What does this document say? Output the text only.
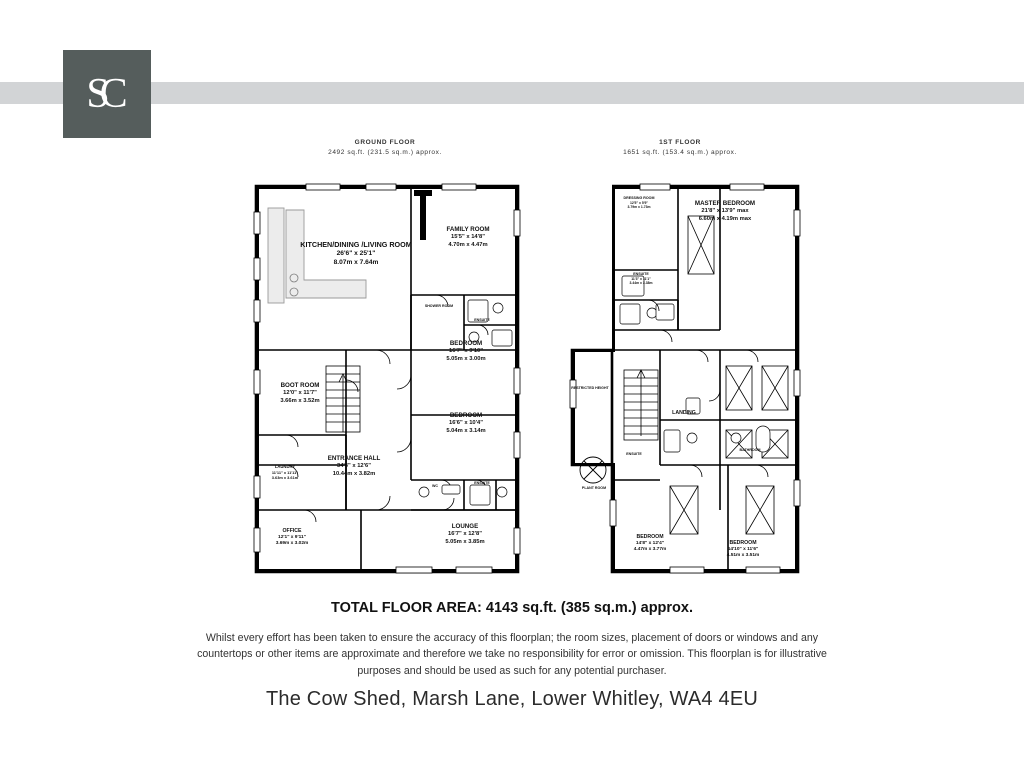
SC
GROUND FLOOR
2492 sq.ft. (231.5 sq.m.) approx.
1ST FLOOR
1651 sq.ft. (153.4 sq.m.) approx.
KITCHEN/DINING /LIVING ROOM
26'6" x 25'1"
8.07m x 7.64m
FAMILY ROOM
15'5" x 14'8"
4.70m x 4.47m
BEDROOM
16'7" x 9'10"
5.05m x 3.00m
BEDROOM
16'6" x 10'4"
5.04m x 3.14m
BOOT ROOM
12'0" x 11'7"
3.66m x 3.52m
ENTRANCE HALL
34'3" x 12'6"
10.44m x 3.82m
LAUNDRY
11'11" x 11'11"
3.63m x 3.61m
OFFICE
12'1" x 9'11"
3.69m x 3.02m
LOUNGE
16'7" x 12'8"
5.05m x 3.85m
ENSUITE
ENSUITE
SHOWER ROOM
WC
MASTER BEDROOM
21'8" x 13'9" max
6.60m x 4.19m max
DRESSING ROOM
12'5" x 5'9"
3.79m x 1.73m
ENSUITE
11'3" x 11'1"
3.44m x 3.38m
LANDING
ENSUITE
BATHROOM
PLANT ROOM
RESTRICTED HEIGHT
BEDROOM
14'8" x 12'4"
4.47m x 3.77m
BEDROOM
14'10" x 11'6"
4.51m x 3.51m
TOTAL FLOOR AREA: 4143 sq.ft. (385 sq.m.) approx.
Whilst every effort has been taken to ensure the accuracy of this floorplan; the room sizes, placement of doors or windows and any countertops or other items are approximate and therefore we take no responsibility for error or omission. This floorplan is for illustrative purposes and should be used as such for any potential purchaser.
The Cow Shed, Marsh Lane, Lower Whitley, WA4 4EU
